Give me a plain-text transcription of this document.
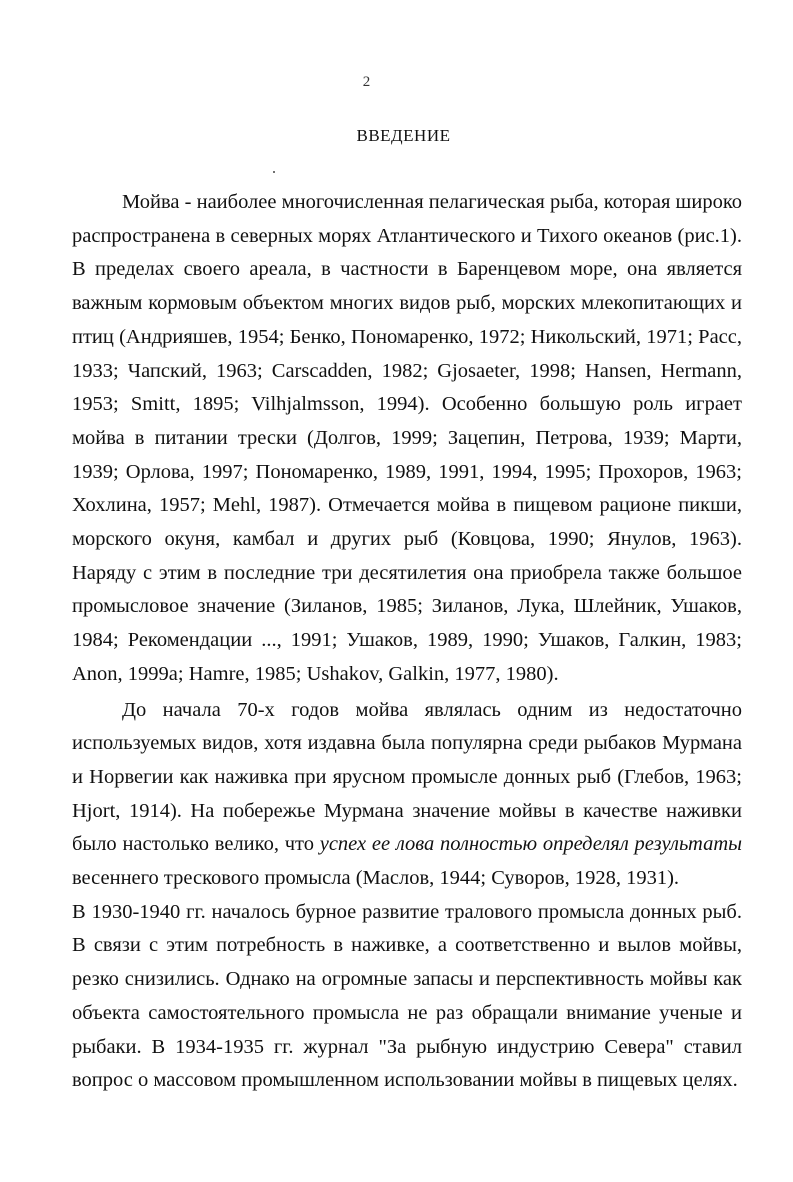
2
ВВЕДЕНИЕ

Мойва - наиболее многочисленная пелагическая рыба, которая широко распространена в северных морях Атлантического и Тихого океанов (рис.1). В пределах своего ареала, в частности в Баренцевом море, она является важным кормовым объектом многих видов рыб, морских млекопитающих и птиц (Андрияшев, 1954; Бенко, Пономаренко, 1972; Никольский, 1971; Расс, 1933; Чапский, 1963; Carscadden, 1982; Gjosaeter, 1998; Hansen, Hermann, 1953; Smitt, 1895; Vilhjalmsson, 1994). Особенно большую роль играет мойва в питании трески (Долгов, 1999; Зацепин, Петрова, 1939; Марти, 1939; Орлова, 1997; Пономаренко, 1989, 1991, 1994, 1995; Прохоров, 1963; Хохлина, 1957; Mehl, 1987). Отмечается мойва в пищевом рационе пикши, морского окуня, камбал и других рыб (Ковцова, 1990; Янулов, 1963). Наряду с этим в последние три десятилетия она приобрела также большое промысловое значение (Зиланов, 1985; Зиланов, Лука, Шлейник, Ушаков, 1984; Рекомендации ..., 1991; Ушаков, 1989, 1990; Ушаков, Галкин, 1983; Anon, 1999a; Hamre, 1985; Ushakov, Galkin, 1977, 1980).

До начала 70-х годов мойва являлась одним из недостаточно используемых видов, хотя издавна была популярна среди рыбаков Мурмана и Норвегии как наживка при ярусном промысле донных рыб (Глебов, 1963; Hjort, 1914). На побережье Мурмана значение мойвы в качестве наживки было настолько велико, что успех ее лова полностью определял результаты весеннего трескового промысла (Маслов, 1944; Суворов, 1928, 1931).

В 1930-1940 гг. началось бурное развитие тралового промысла донных рыб. В связи с этим потребность в наживке, а соответственно и вылов мойвы, резко снизились. Однако на огромные запасы и перспективность мойвы как объекта самостоятельного промысла не раз обращали внимание ученые и рыбаки. В 1934-1935 гг. журнал "За рыбную индустрию Севера" ставил вопрос о массовом промышленном использовании мойвы в пищевых целях.
